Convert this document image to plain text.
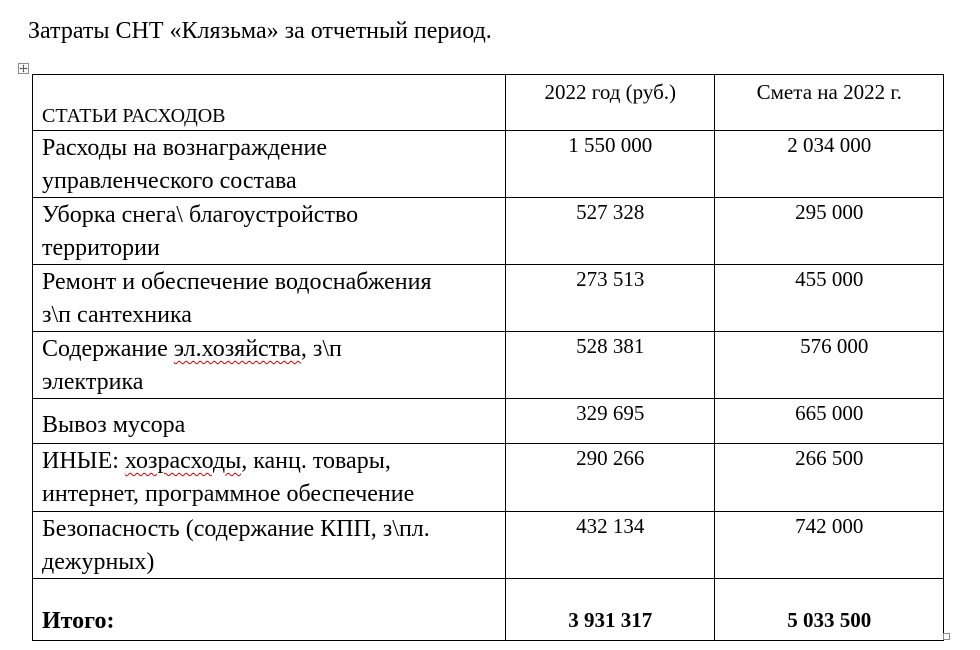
Затраты СНТ «Клязьма» за отчетный период.
СТАТЬИ РАСХОДОВ	2022 год (руб.)	Смета на 2022 г.

Расходы на вознаграждение
управленческого состава	1 550 000	2 034 000

Уборка снега\ благоустройство
территории	527 328	295 000

Ремонт и обеспечение водоснабжения
з\п сантехника	273 513	455 000

Содержание эл.хозяйства, з\п
электрика	528 381	576 000

Вывоз мусора	329 695	665 000

ИНЫЕ: хозрасходы, канц. товары,
интернет, программное обеспечение	290 266	266 500

Безопасность (содержание КПП, з\пл.
дежурных)	432 134	742 000

Итого:	3 931 317	5 033 500
